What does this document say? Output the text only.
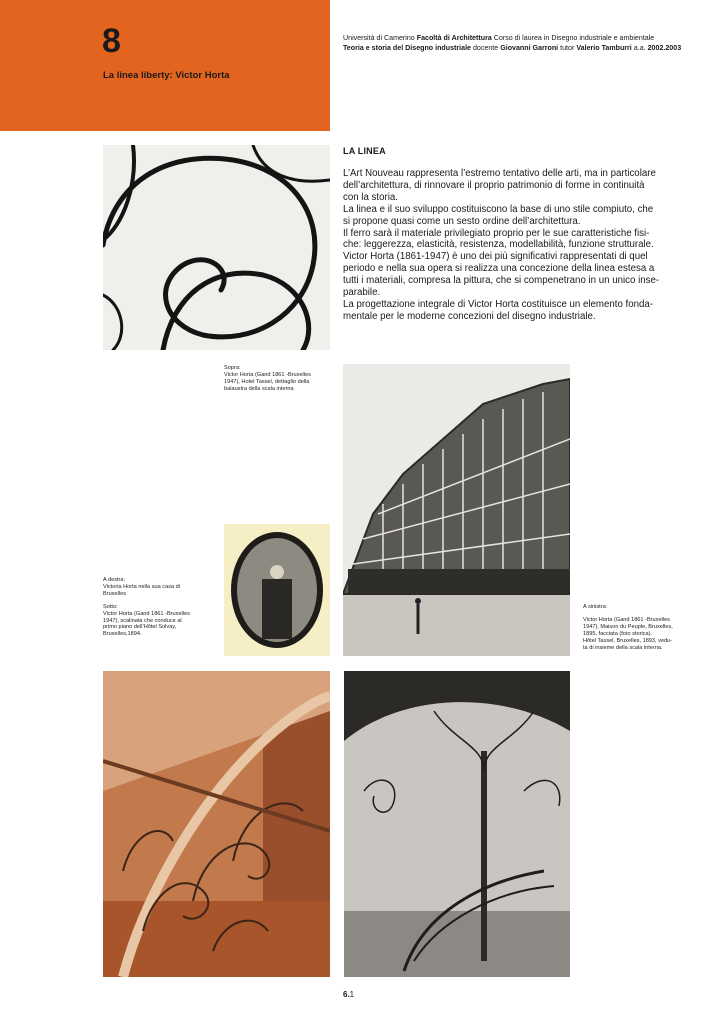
8
La linea liberty: Victor Horta
Università di Camerino Facoltà di Architettura Corso di laurea in Disegno industriale e ambientale
Teoria e storia del Disegno industriale docente Giovanni Garroni tutor Valerio Tamburri a.a. 2002.2003
LA LINEA

L’Art Nouveau rappresenta l’estremo tentativo delle arti, ma in particolare

dell’architettura, di rinnovare il proprio patrimonio di forme in continuità

con la storia.

La linea e il suo sviluppo costituiscono la base di uno stile compiuto, che

si propone quasi come un sesto ordine dell’architettura.

Il ferro sarà il materiale privilegiato proprio per le sue caratteristiche fisi-

che: leggerezza, elasticità, resistenza, modellabilità, funzione strutturale.

Victor Horta (1861-1947) è uno dei più significativi rappresentati di quel

periodo e nella sua opera si realizza una concezione della linea estesa a

tutti i materiali, compresa la pittura, che si compenetrano in un unico inse-

parabile.

La progettazione integrale di Victor Horta costituisce un elemento fonda-

mentale per le moderne concezioni del disegno industriale.

Sopra:

Victor Horta (Gand 1861 -Bruxelles

1947), Hotel Tassel, dettaglio della

balaustra della scala interna

A destra:

Victoria Horta nella sua casa di

Bruxelles

Sotto:

Victor Horta (Gand 1861 -Bruxelles

1947), scalinata che conduce al

primo piano dell’Hôtel Solvay,

Bruxelles,1894.

A sinistra:

Victor Horta (Gand 1861 -Bruxelles

1947), Maison du Peuple, Bruxelles,

1895, facciata (foto storica).

Hôtel Tassel, Bruxelles, 1893, vedu-

ta di insieme della scala interna.

6.1
